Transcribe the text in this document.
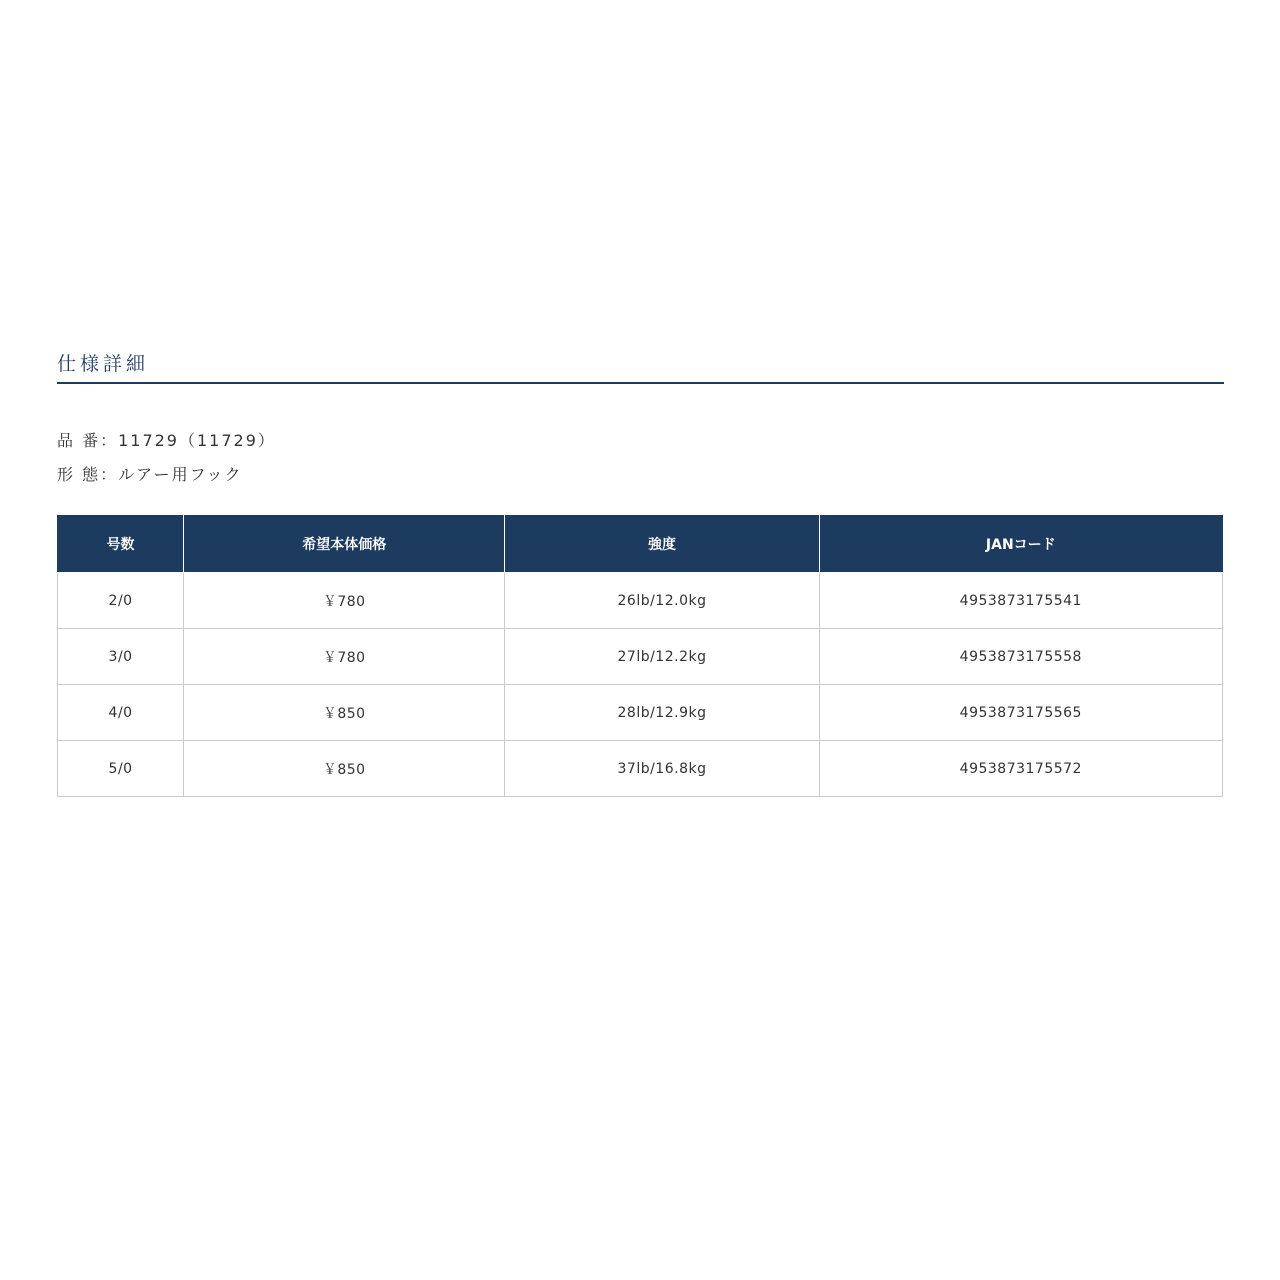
仕様詳細
品 番：11729（11729）
形 態：ルアー用フック
号数	希望本体価格	強度	JANコード
2/0	￥780	26lb/12.0kg	4953873175541
3/0	￥780	27lb/12.2kg	4953873175558
4/0	￥850	28lb/12.9kg	4953873175565
5/0	￥850	37lb/16.8kg	4953873175572
